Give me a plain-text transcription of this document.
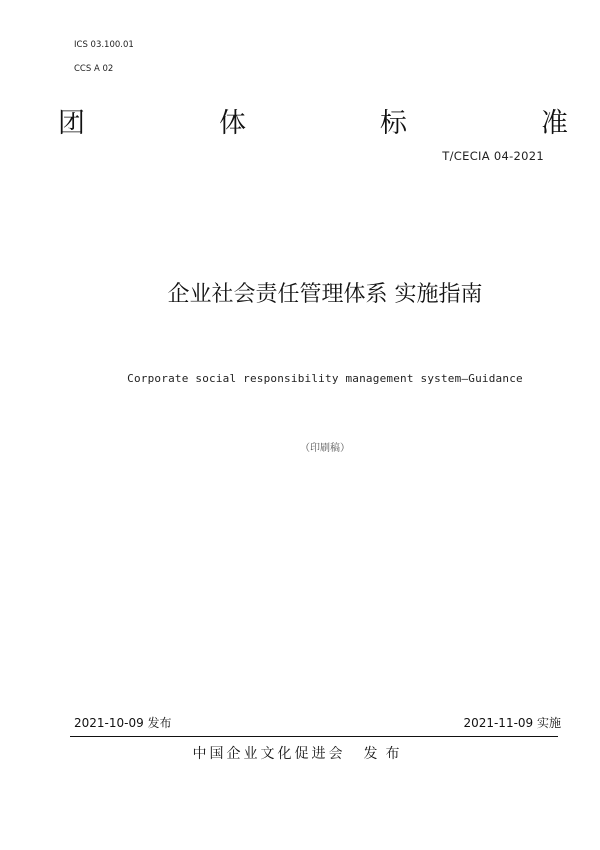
ICS 03.100.01
CCS A 02
团	体	标	准
T/CECIA 04-2021
企业社会责任管理体系 实施指南
Corporate social responsibility management system—Guidance
（印刷稿）
2021-10-09 发布	2021-11-09 实施
中国企业文化促进会 发布
